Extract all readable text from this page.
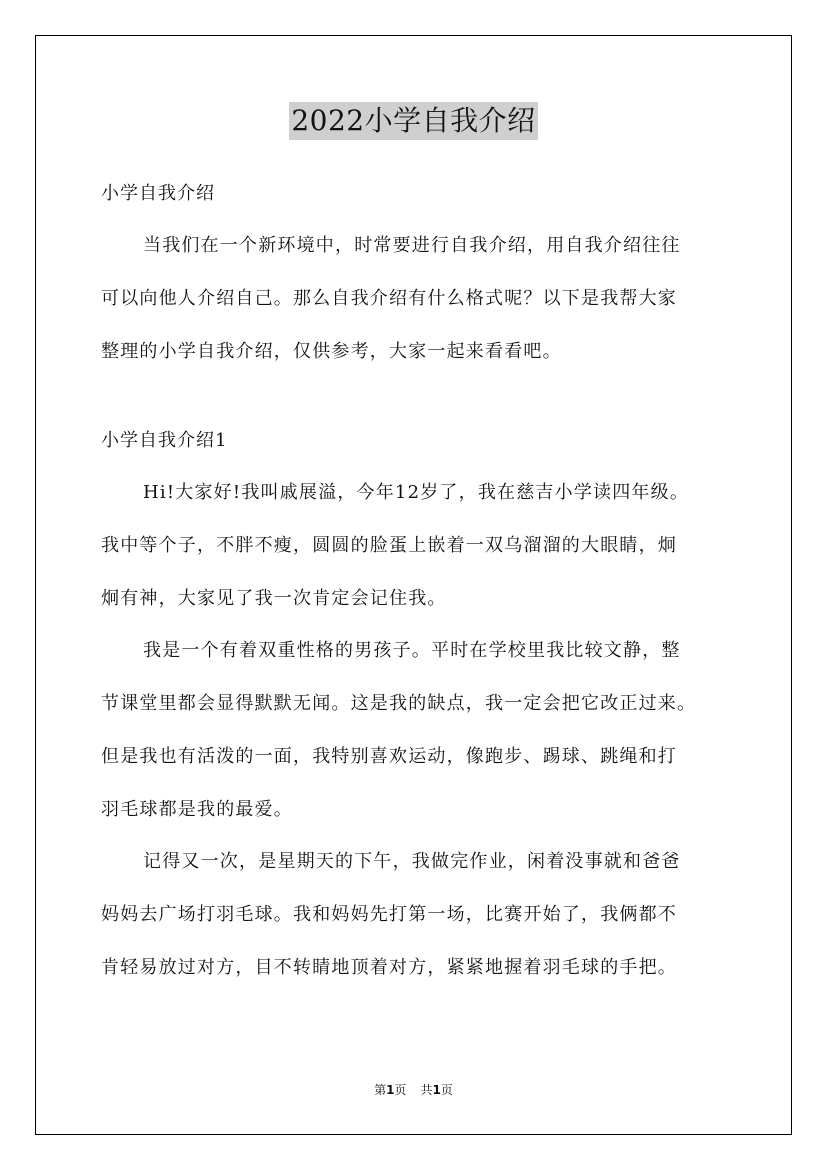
2022小学自我介绍
小学自我介绍
当我们在一个新环境中，时常要进行自我介绍，用自我介绍往往
可以向他人介绍自己。那么自我介绍有什么格式呢？以下是我帮大家
整理的小学自我介绍，仅供参考，大家一起来看看吧。
小学自我介绍1
Hi!大家好!我叫戚展溢，今年12岁了，我在慈吉小学读四年级。
我中等个子，不胖不瘦，圆圆的脸蛋上嵌着一双乌溜溜的大眼睛，炯
炯有神，大家见了我一次肯定会记住我。
我是一个有着双重性格的男孩子。平时在学校里我比较文静，整
节课堂里都会显得默默无闻。这是我的缺点，我一定会把它改正过来。
但是我也有活泼的一面，我特别喜欢运动，像跑步、踢球、跳绳和打
羽毛球都是我的最爱。
记得又一次，是星期天的下午，我做完作业，闲着没事就和爸爸
妈妈去广场打羽毛球。我和妈妈先打第一场，比赛开始了，我俩都不
肯轻易放过对方，目不转睛地顶着对方，紧紧地握着羽毛球的手把。
第1页 共1页
